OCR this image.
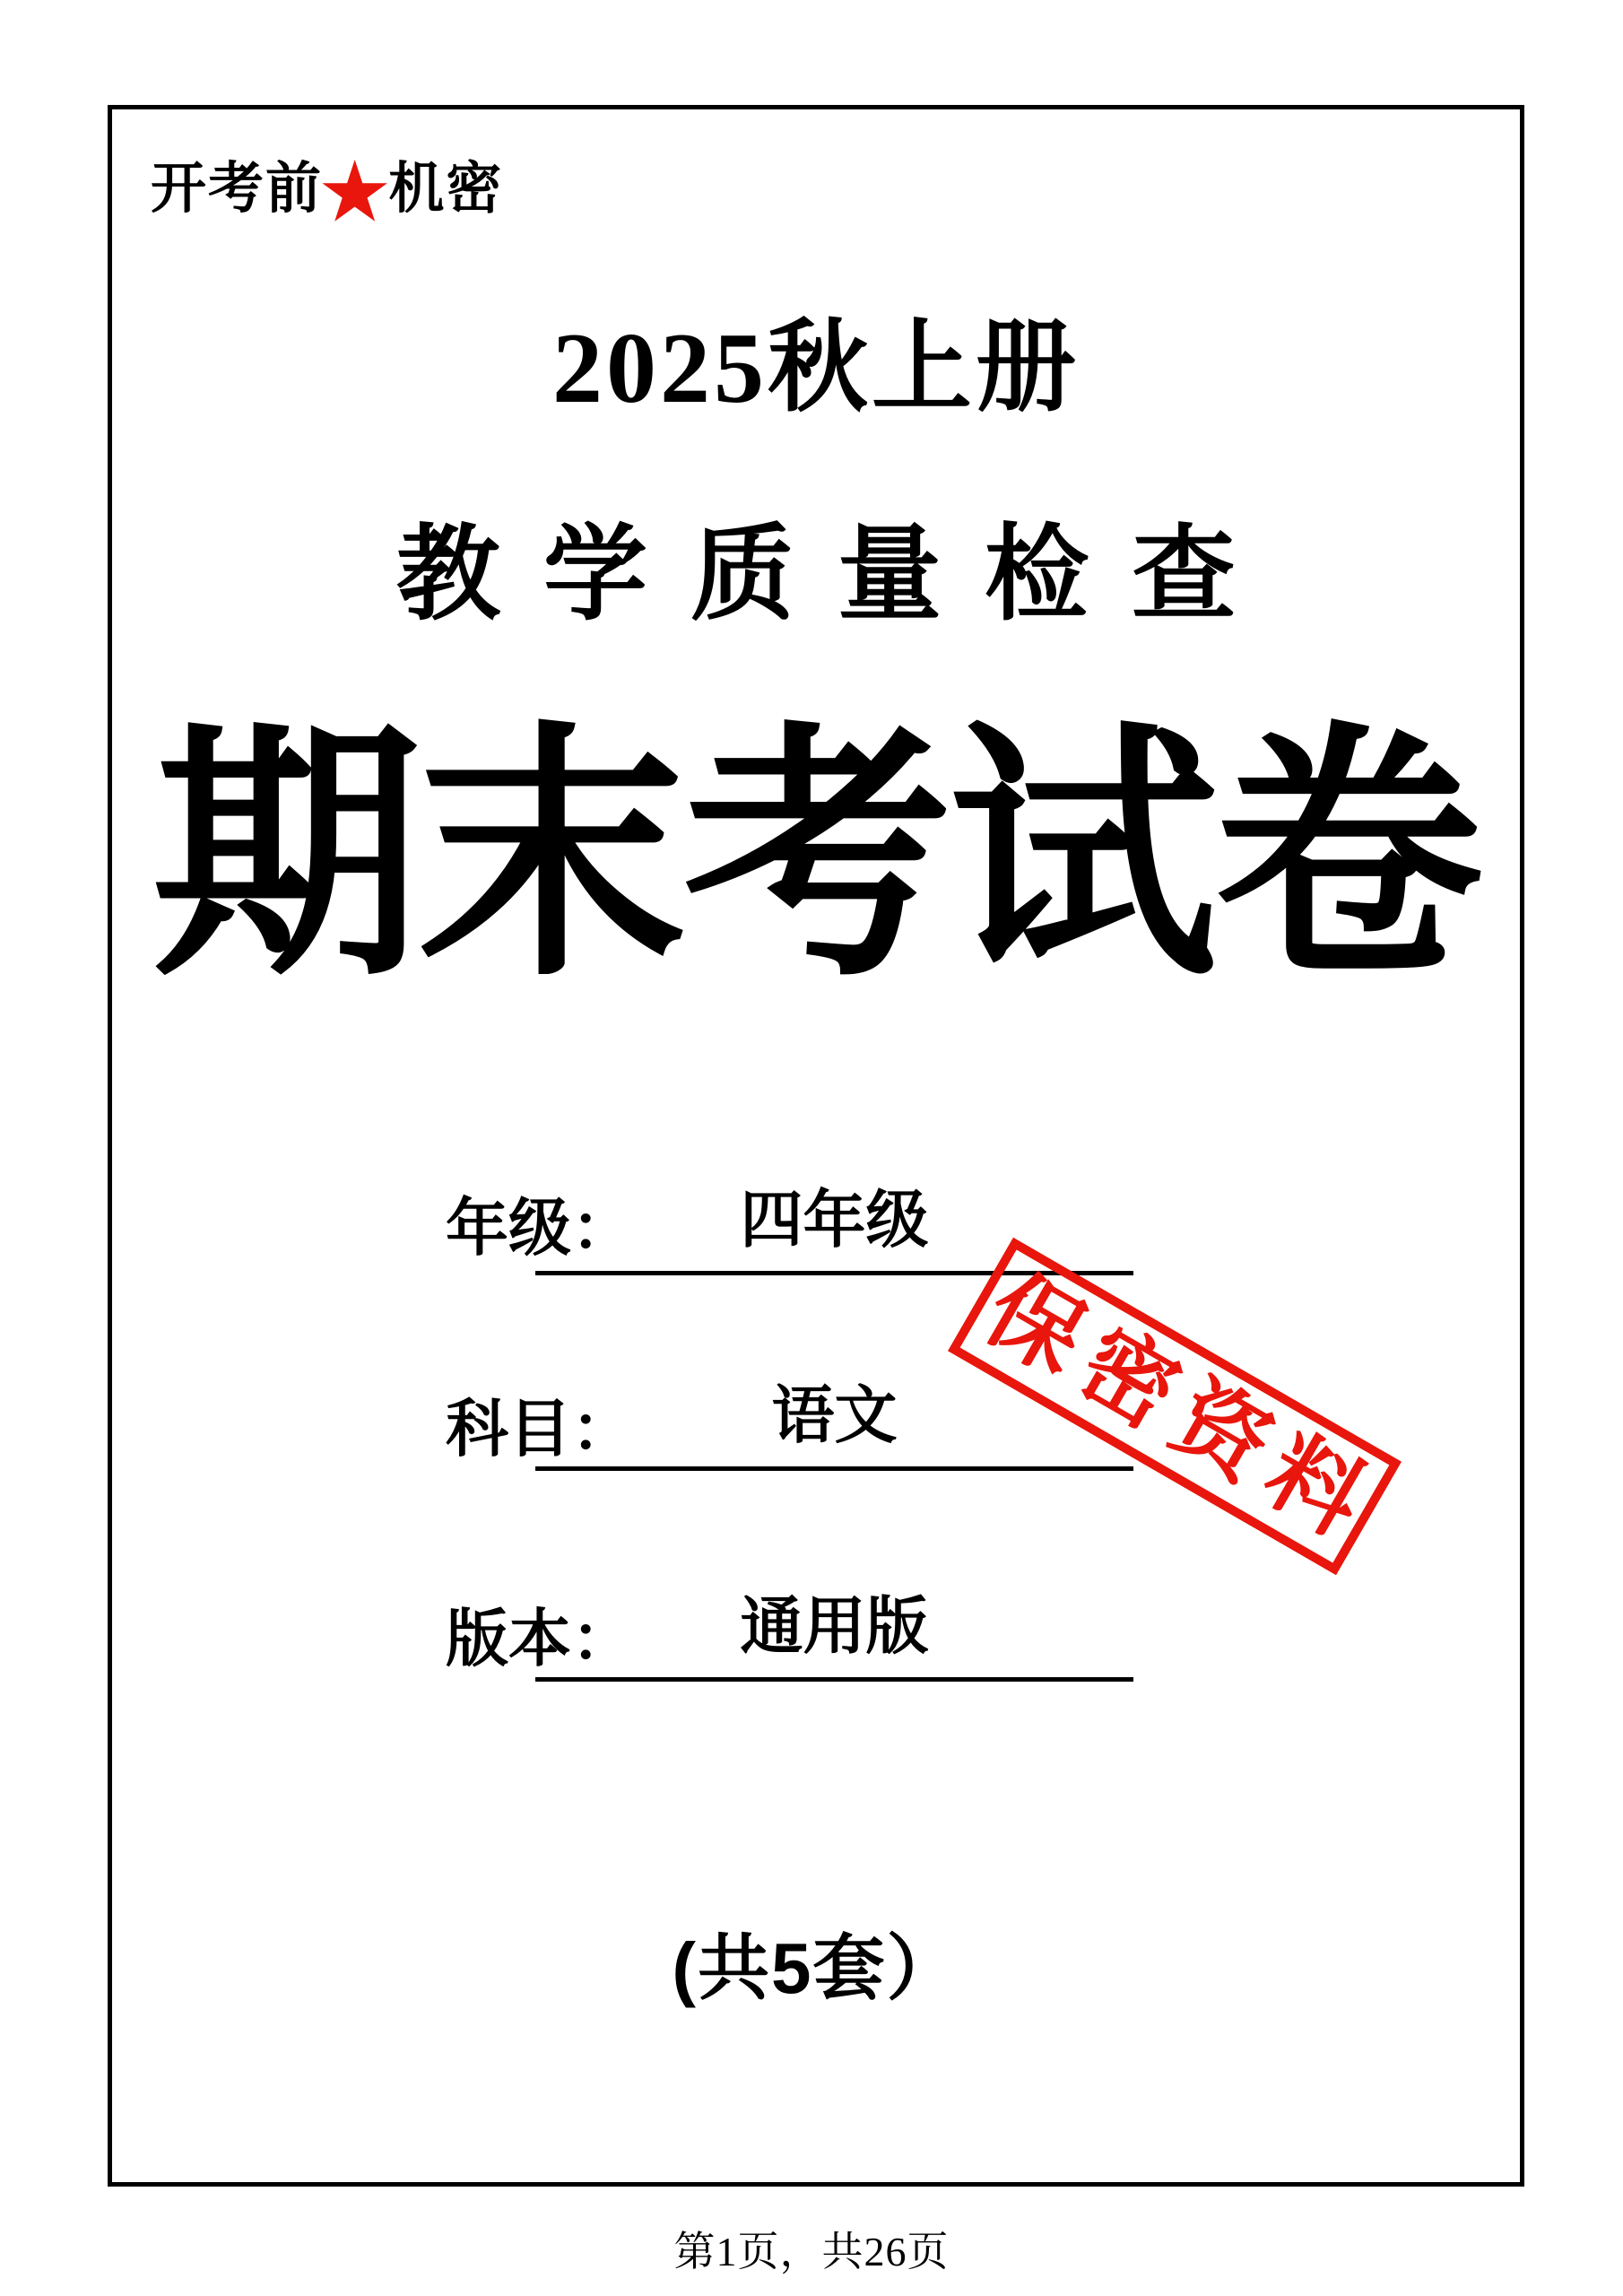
开考前★机密
2025秋上册
教学质量检查
期末考试卷
年级：	四年级
科目：	语文
版本：	通用版
保密资料
(共5套）
第1页，共26页
